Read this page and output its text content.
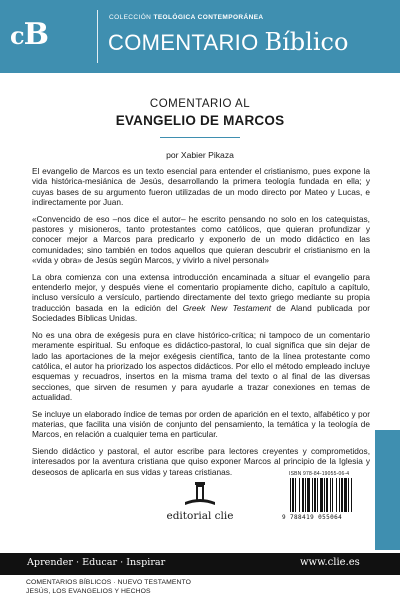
cB	COLECCIÓN TEOLÓGICA CONTEMPORÁNEA
COMENTARIO Bíblico
COMENTARIO AL
EVANGELIO DE MARCOS
por Xabier Pikaza

El evangelio de Marcos es un texto esencial para entender el cristianismo, pues expone la vida histórica-mesiánica de Jesús, desarrollando la primera teología fundada en ella; y cuyas bases de su argumento fueron utilizadas de un modo directo por Mateo y Lucas, e indirectamente por Juan.

«Convencido de eso –nos dice el autor– he escrito pensando no solo en los catequistas, pastores y misioneros, tanto protestantes como católicos, que quieran profundizar y conocer mejor a Marcos para predicarlo y exponerlo de un modo didáctico en las comunidades; sino también en todos aquellos que quieran descubrir el cristianismo en la «vida y obra» de Jesús según Marcos, y vivirlo a nivel personal»

La obra comienza con una extensa introducción encaminada a situar el evangelio para entenderlo mejor, y después viene el comentario propiamente dicho, capítulo a capítulo, incluso versículo a versículo, partiendo directamente del texto griego mediante su propia traducción basada en la edición del Greek New Testament de Aland publicada por Sociedades Bíblicas Unidas.

No es una obra de exégesis pura en clave histórico-crítica; ni tampoco de un comentario meramente espiritual. Su enfoque es didáctico-pastoral, lo cual significa que sin dejar de lado las aportaciones de la mejor exégesis científica, tanto de la línea protestante como católica, el autor ha priorizado los aspectos didácticos. Por ello el método empleado incluye esquemas y recuadros, insertos en la misma trama del texto o al final de las diversas secciones, que sirven de resumen y para ayudarle a trazar conexiones en temas de actualidad.

Se incluye un elaborado índice de temas por orden de aparición en el texto, alfabético y por materias, que facilita una visión de conjunto del pensamiento, la temática y la teología de Marcos, en relación a cualquier tema en particular.

Siendo didáctico y pastoral, el autor escribe para lectores creyentes y comprometidos, interesados por la aventura cristiana que quiso exponer Marcos al principio de la Iglesia y deseosos de aplicarla en sus vidas y tareas cristianas.

editorial clie
ISBN 978-84-19055-06-4
9 788419 055064
Aprender · Educar · Inspirar	www.clie.es
COMENTARIOS BÍBLICOS · NUEVO TESTAMENTO
JESÚS, LOS EVANGELIOS Y HECHOS
